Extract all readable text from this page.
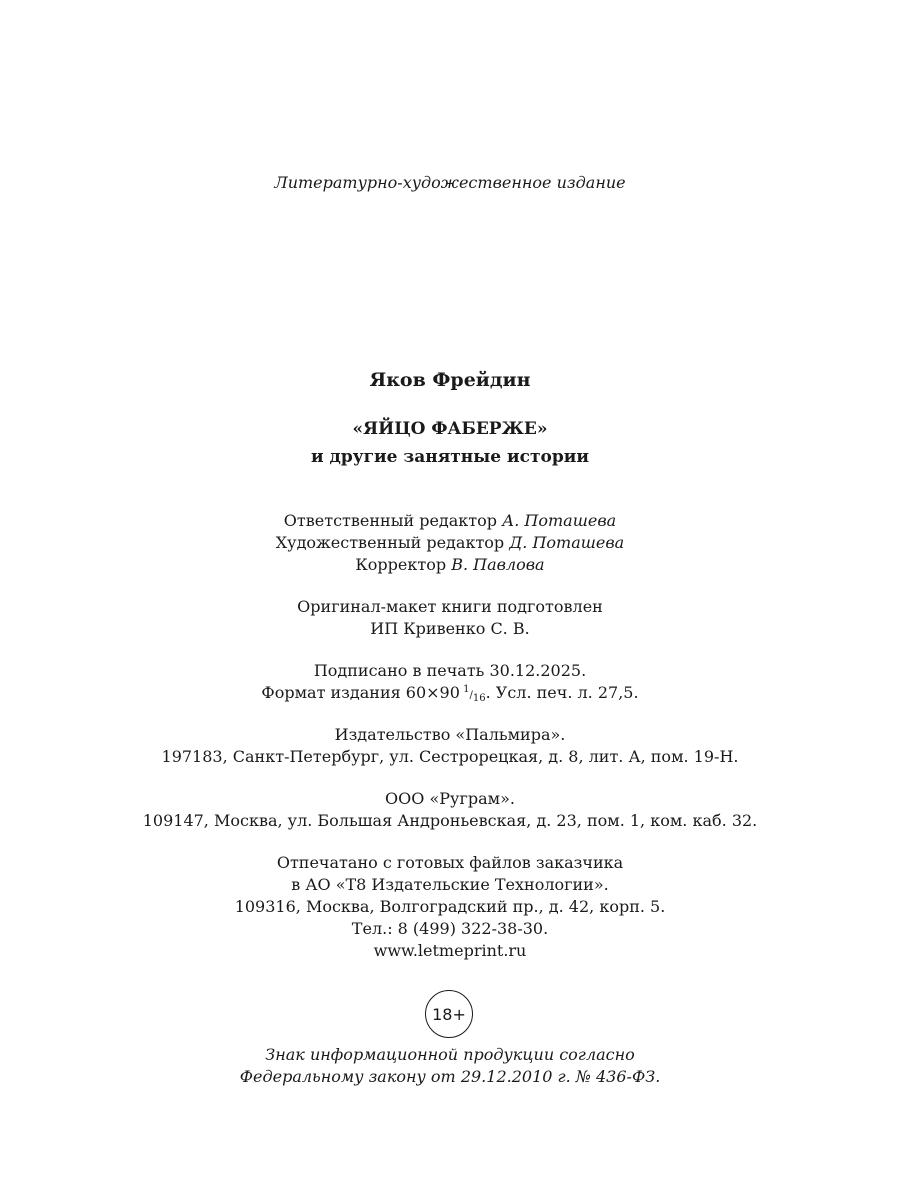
Литературно-художественное издание
Яков Фрейдин
«ЯЙЦО ФАБЕРЖЕ»
и другие занятные истории
Ответственный редактор А. Поташева
Художественный редактор Д. Поташева
Корректор В. Павлова
Оригинал-макет книги подготовлен
ИП Кривенко С. В.
Подписано в печать 30.12.2025.
Формат издания 60×90 1/16. Усл. печ. л. 27,5.
Издательство «Пальмира».
197183, Санкт-Петербург, ул. Сестрорецкая, д. 8, лит. А, пом. 19-Н.
ООО «Руграм».
109147, Москва, ул. Большая Андроньевская, д. 23, пом. 1, ком. каб. 32.
Отпечатано с готовых файлов заказчика
в АО «Т8 Издательские Технологии».
109316, Москва, Волгоградский пр., д. 42, корп. 5.
Тел.: 8 (499) 322-38-30.
www.letmeprint.ru
18+
Знак информационной продукции согласно
Федеральному закону от 29.12.2010 г. № 436-ФЗ.
